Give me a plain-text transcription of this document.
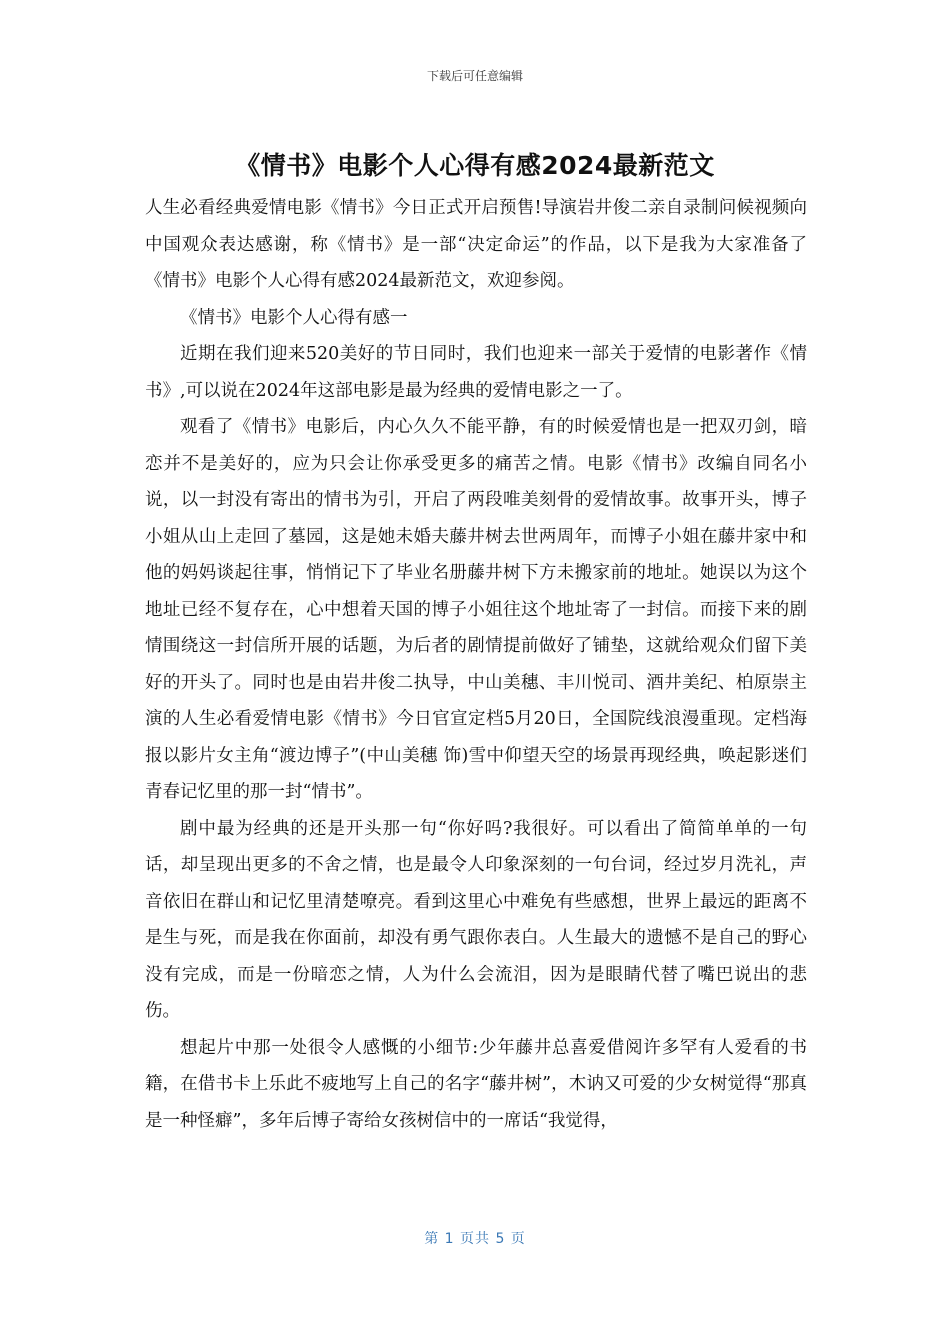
下载后可任意编辑
《情书》电影个人心得有感2024最新范文

人生必看经典爱情电影《情书》今日正式开启预售!导演岩井俊二亲自录制问候视频向中国观众表达感谢，称《情书》是一部“决定命运”的作品，以下是我为大家准备了《情书》电影个人心得有感2024最新范文，欢迎参阅。

《情书》电影个人心得有感一

近期在我们迎来520美好的节日同时，我们也迎来一部关于爱情的电影著作《情书》,可以说在2024年这部电影是最为经典的爱情电影之一了。

观看了《情书》电影后，内心久久不能平静，有的时候爱情也是一把双刃剑，暗恋并不是美好的，应为只会让你承受更多的痛苦之情。电影《情书》改编自同名小说，以一封没有寄出的情书为引，开启了两段唯美刻骨的爱情故事。故事开头，博子小姐从山上走回了墓园，这是她未婚夫藤井树去世两周年，而博子小姐在藤井家中和他的妈妈谈起往事，悄悄记下了毕业名册藤井树下方未搬家前的地址。她误以为这个地址已经不复存在，心中想着天国的博子小姐往这个地址寄了一封信。而接下来的剧情围绕这一封信所开展的话题，为后者的剧情提前做好了铺垫，这就给观众们留下美好的开头了。同时也是由岩井俊二执导，中山美穗、丰川悦司、酒井美纪、柏原崇主演的人生必看爱情电影《情书》今日官宣定档5月20日，全国院线浪漫重现。定档海报以影片女主角“渡边博子”(中山美穗 饰)雪中仰望天空的场景再现经典，唤起影迷们青春记忆里的那一封“情书”。

剧中最为经典的还是开头那一句“你好吗?我很好。可以看出了简简单单的一句话，却呈现出更多的不舍之情，也是最令人印象深刻的一句台词，经过岁月洗礼，声音依旧在群山和记忆里清楚嘹亮。看到这里心中难免有些感想，世界上最远的距离不是生与死，而是我在你面前，却没有勇气跟你表白。人生最大的遗憾不是自己的野心没有完成，而是一份暗恋之情，人为什么会流泪，因为是眼睛代替了嘴巴说出的悲伤。

想起片中那一处很令人感慨的小细节:少年藤井总喜爱借阅许多罕有人爱看的书籍，在借书卡上乐此不疲地写上自己的名字“藤井树”，木讷又可爱的少女树觉得“那真是一种怪癖”，多年后博子寄给女孩树信中的一席话“我觉得，

第 1 页共 5 页
